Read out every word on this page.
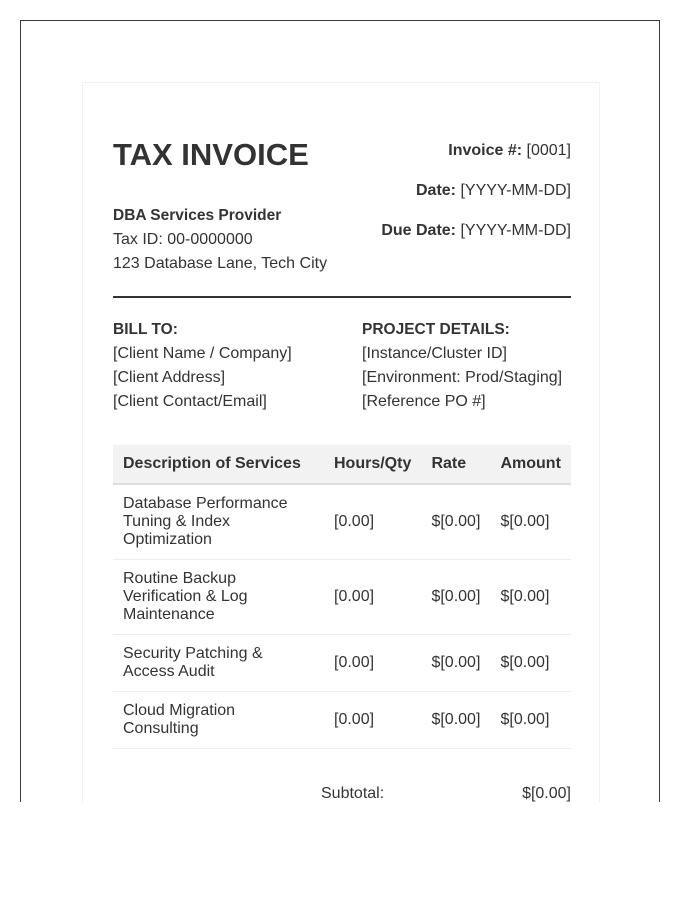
TAX INVOICE	Invoice #: [0001]
Date: [YYYY-MM-DD]
Due Date: [YYYY-MM-DD]
DBA Services Provider
Tax ID: 00-0000000
123 Database Lane, Tech City
BILL TO:
[Client Name / Company]
[Client Address]
[Client Contact/Email]
PROJECT DETAILS:
[Instance/Cluster ID]
[Environment: Prod/Staging]
[Reference PO #]
Description of Services	Hours/Qty	Rate	Amount

Database Performance
Tuning & Index
Optimization	[0.00]	$[0.00]	$[0.00]

Routine Backup
Verification & Log
Maintenance	[0.00]	$[0.00]	$[0.00]

Security Patching &
Access Audit	[0.00]	$[0.00]	$[0.00]

Cloud Migration
Consulting	[0.00]	$[0.00]	$[0.00]
Subtotal:	$[0.00]
